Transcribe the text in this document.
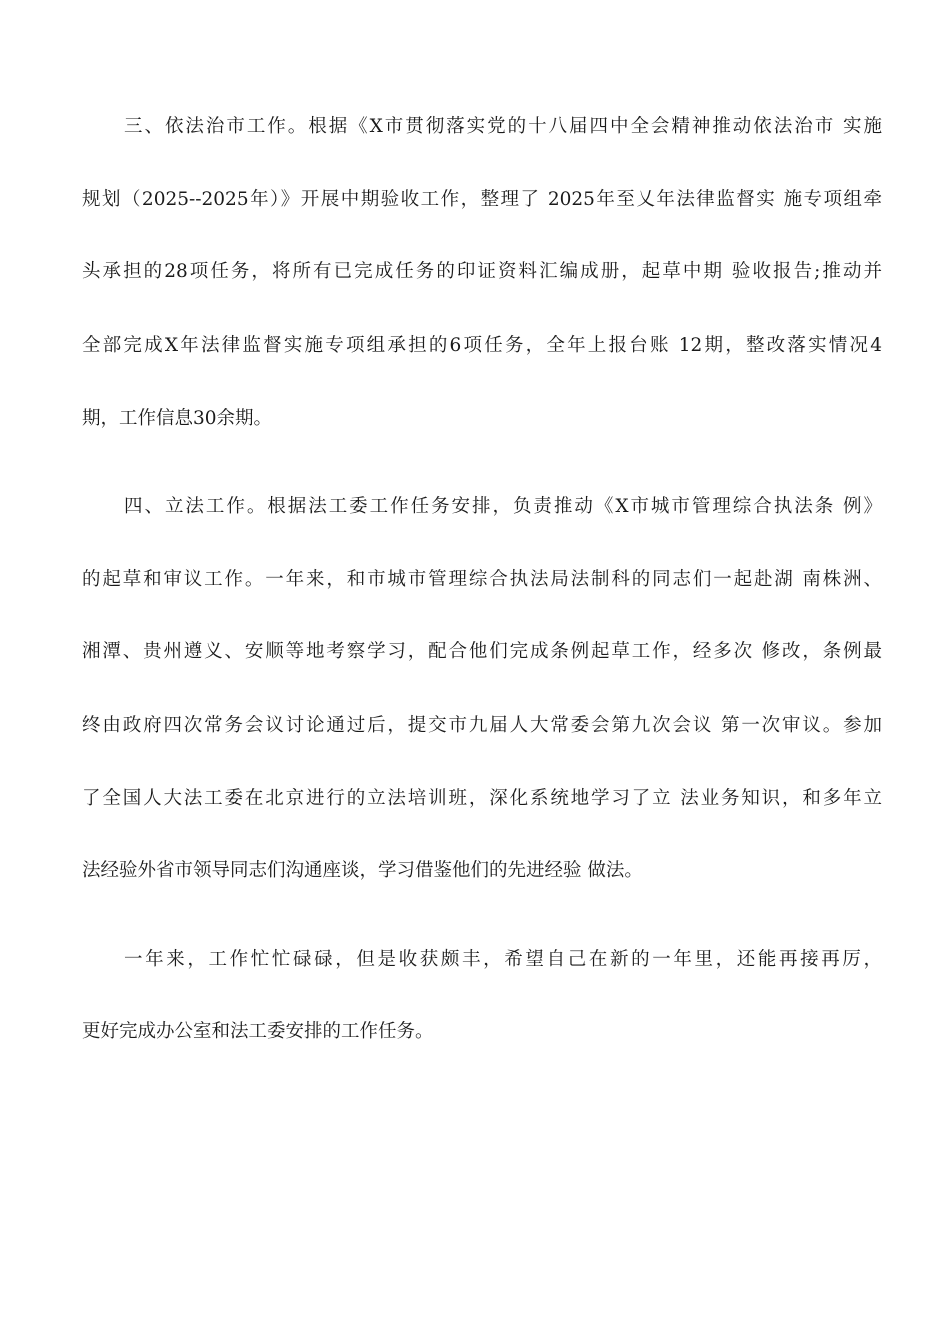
三、依法治市工作。根据《X市贯彻落实党的十八届四中全会精神推动依法治市 实施
规划（2025--2025年）》开展中期验收工作，整理了 2025年至乂年法律监督实 施专项组牵
头承担的28项任务，将所有已完成任务的印证资料汇编成册，起草中期 验收报告;推动并
全部完成X年法律监督实施专项组承担的6项任务，全年上报台账 12期，整改落实情况4
期，工作信息30余期。
四、立法工作。根据法工委工作任务安排，负责推动《X市城市管理综合执法条 例》
的起草和审议工作。一年来，和市城市管理综合执法局法制科的同志们一起赴湖 南株洲、
湘潭、贵州遵义、安顺等地考察学习，配合他们完成条例起草工作，经多次 修改，条例最
终由政府四次常务会议讨论通过后，提交市九届人大常委会第九次会议 第一次审议。参加
了全国人大法工委在北京进行的立法培训班，深化系统地学习了立 法业务知识，和多年立
法经验外省市领导同志们沟通座谈，学习借鉴他们的先进经验 做法。
一年来，工作忙忙碌碌，但是收获颇丰，希望自己在新的一年里，还能再接再厉，
更好完成办公室和法工委安排的工作任务。
